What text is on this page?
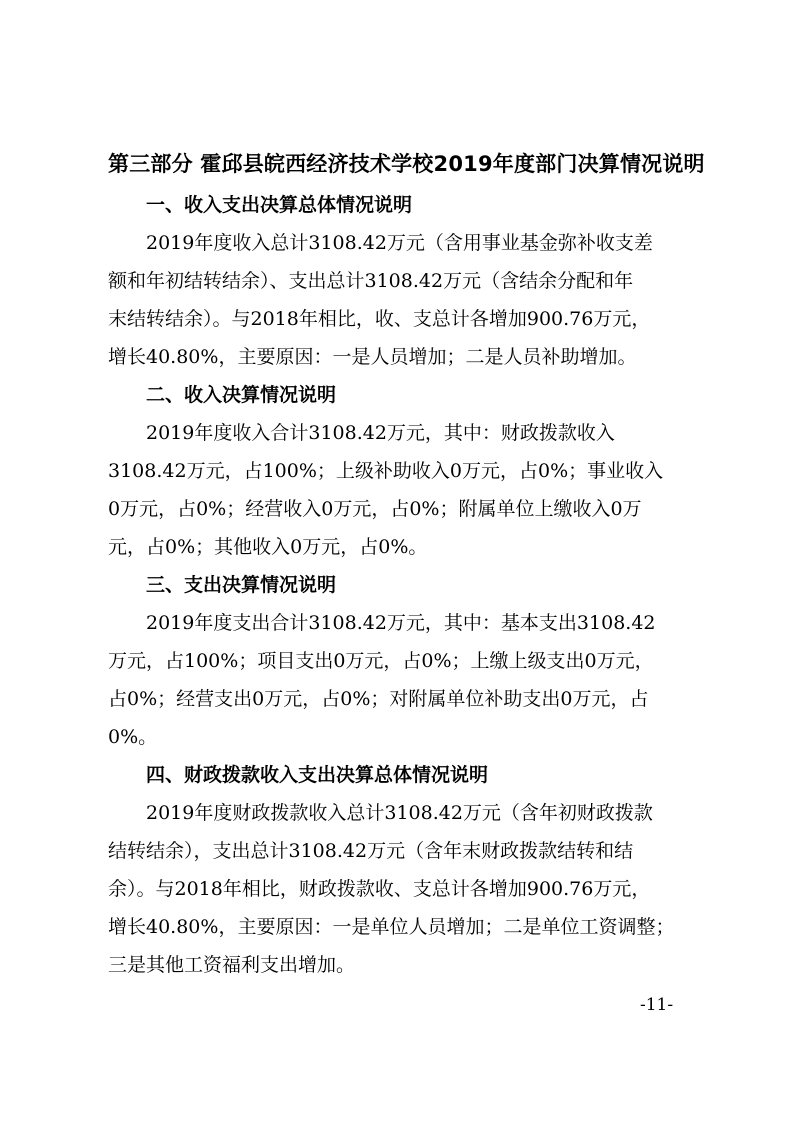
第三部分 霍邱县皖西经济技术学校2019年度部门决算情况说明

一、收入支出决算总体情况说明

2019年度收入总计3108.42万元（含用事业基金弥补收支差
额和年初结转结余）、支出总计3108.42万元（含结余分配和年
末结转结余）。与2018年相比，收、支总计各增加900.76万元，
增长40.80%，主要原因：一是人员增加；二是人员补助增加。

二、收入决算情况说明

2019年度收入合计3108.42万元，其中：财政拨款收入
3108.42万元，占100%；上级补助收入0万元，占0%；事业收入
0万元，占0%；经营收入0万元，占0%；附属单位上缴收入0万
元，占0%；其他收入0万元，占0%。

三、支出决算情况说明

2019年度支出合计3108.42万元，其中：基本支出3108.42
万元，占100%；项目支出0万元，占0%；上缴上级支出0万元，
占0%；经营支出0万元，占0%；对附属单位补助支出0万元，占
0%。

四、财政拨款收入支出决算总体情况说明

2019年度财政拨款收入总计3108.42万元（含年初财政拨款
结转结余），支出总计3108.42万元（含年末财政拨款结转和结
余）。与2018年相比，财政拨款收、支总计各增加900.76万元，
增长40.80%，主要原因：一是单位人员增加；二是单位工资调整；
三是其他工资福利支出增加。

-11-
